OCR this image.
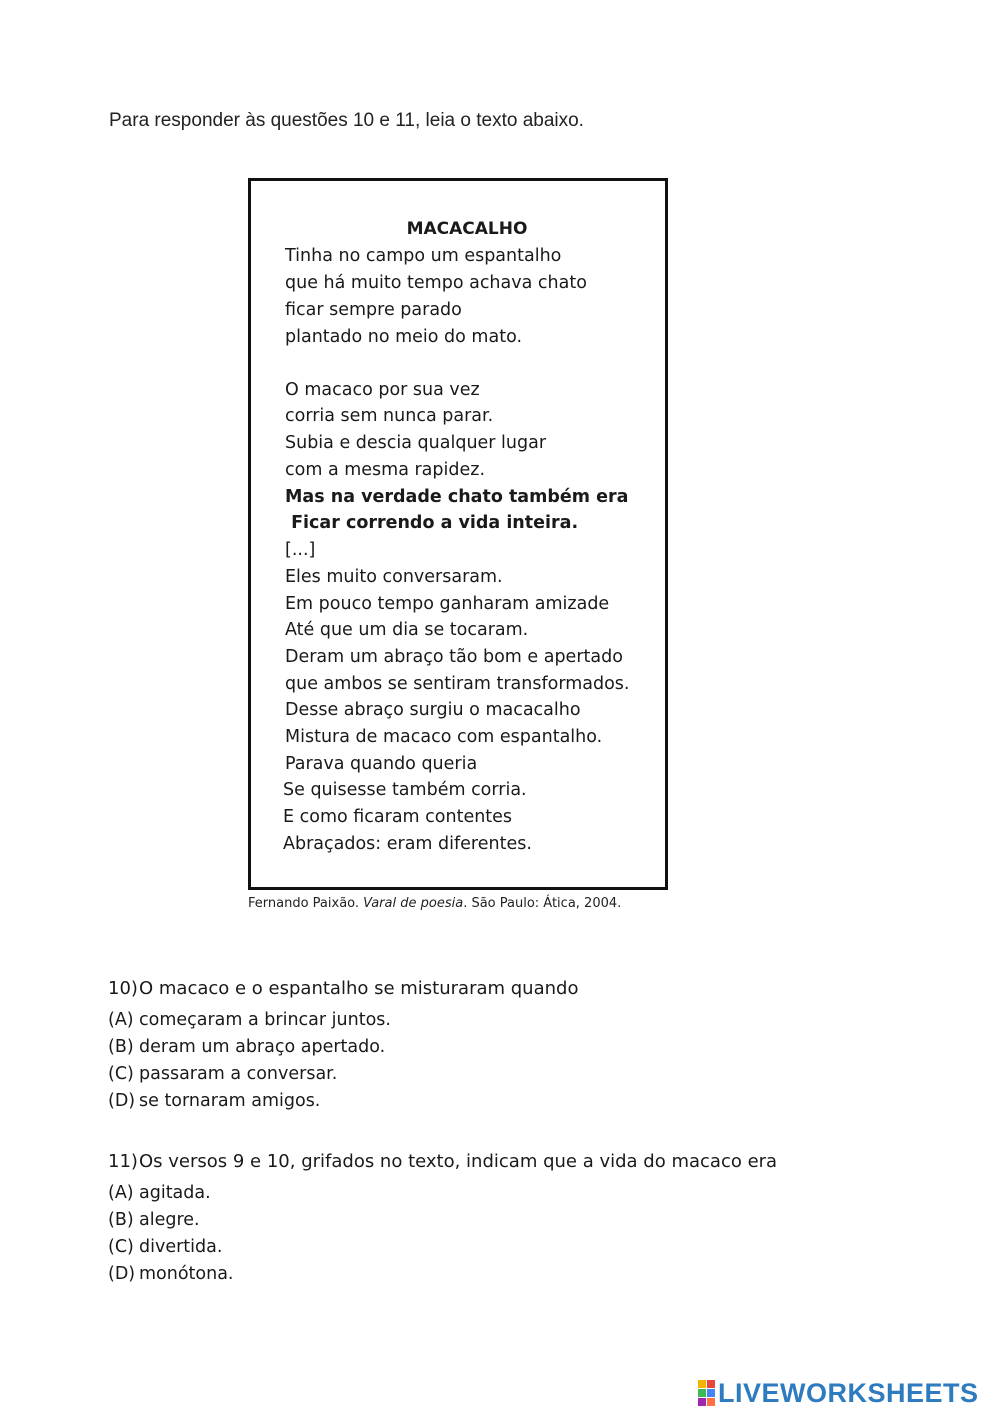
Para responder às questões 10 e 11, leia o texto abaixo.
MACACALHO
Tinha no campo um espantalho
que há muito tempo achava chato
ficar sempre parado
plantado no meio do mato.
O macaco por sua vez
corria sem nunca parar.
Subia e descia qualquer lugar
com a mesma rapidez.
Mas na verdade chato também era
Ficar correndo a vida inteira.
[...]
Eles muito conversaram.
Em pouco tempo ganharam amizade
Até que um dia se tocaram.
Deram um abraço tão bom e apertado
que ambos se sentiram transformados.
Desse abraço surgiu o macacalho
Mistura de macaco com espantalho.
Parava quando queria
Se quisesse também corria.
E como ficaram contentes
Abraçados: eram diferentes.
Fernando Paixão. Varal de poesia. São Paulo: Ática, 2004.
10)O macaco e o espantalho se misturaram quando
(A) começaram a brincar juntos.
(B) deram um abraço apertado.
(C) passaram a conversar.
(D) se tornaram amigos.
11)Os versos 9 e 10, grifados no texto, indicam que a vida do macaco era
(A) agitada.
(B) alegre.
(C) divertida.
(D) monótona.
LIVEWORKSHEETS
